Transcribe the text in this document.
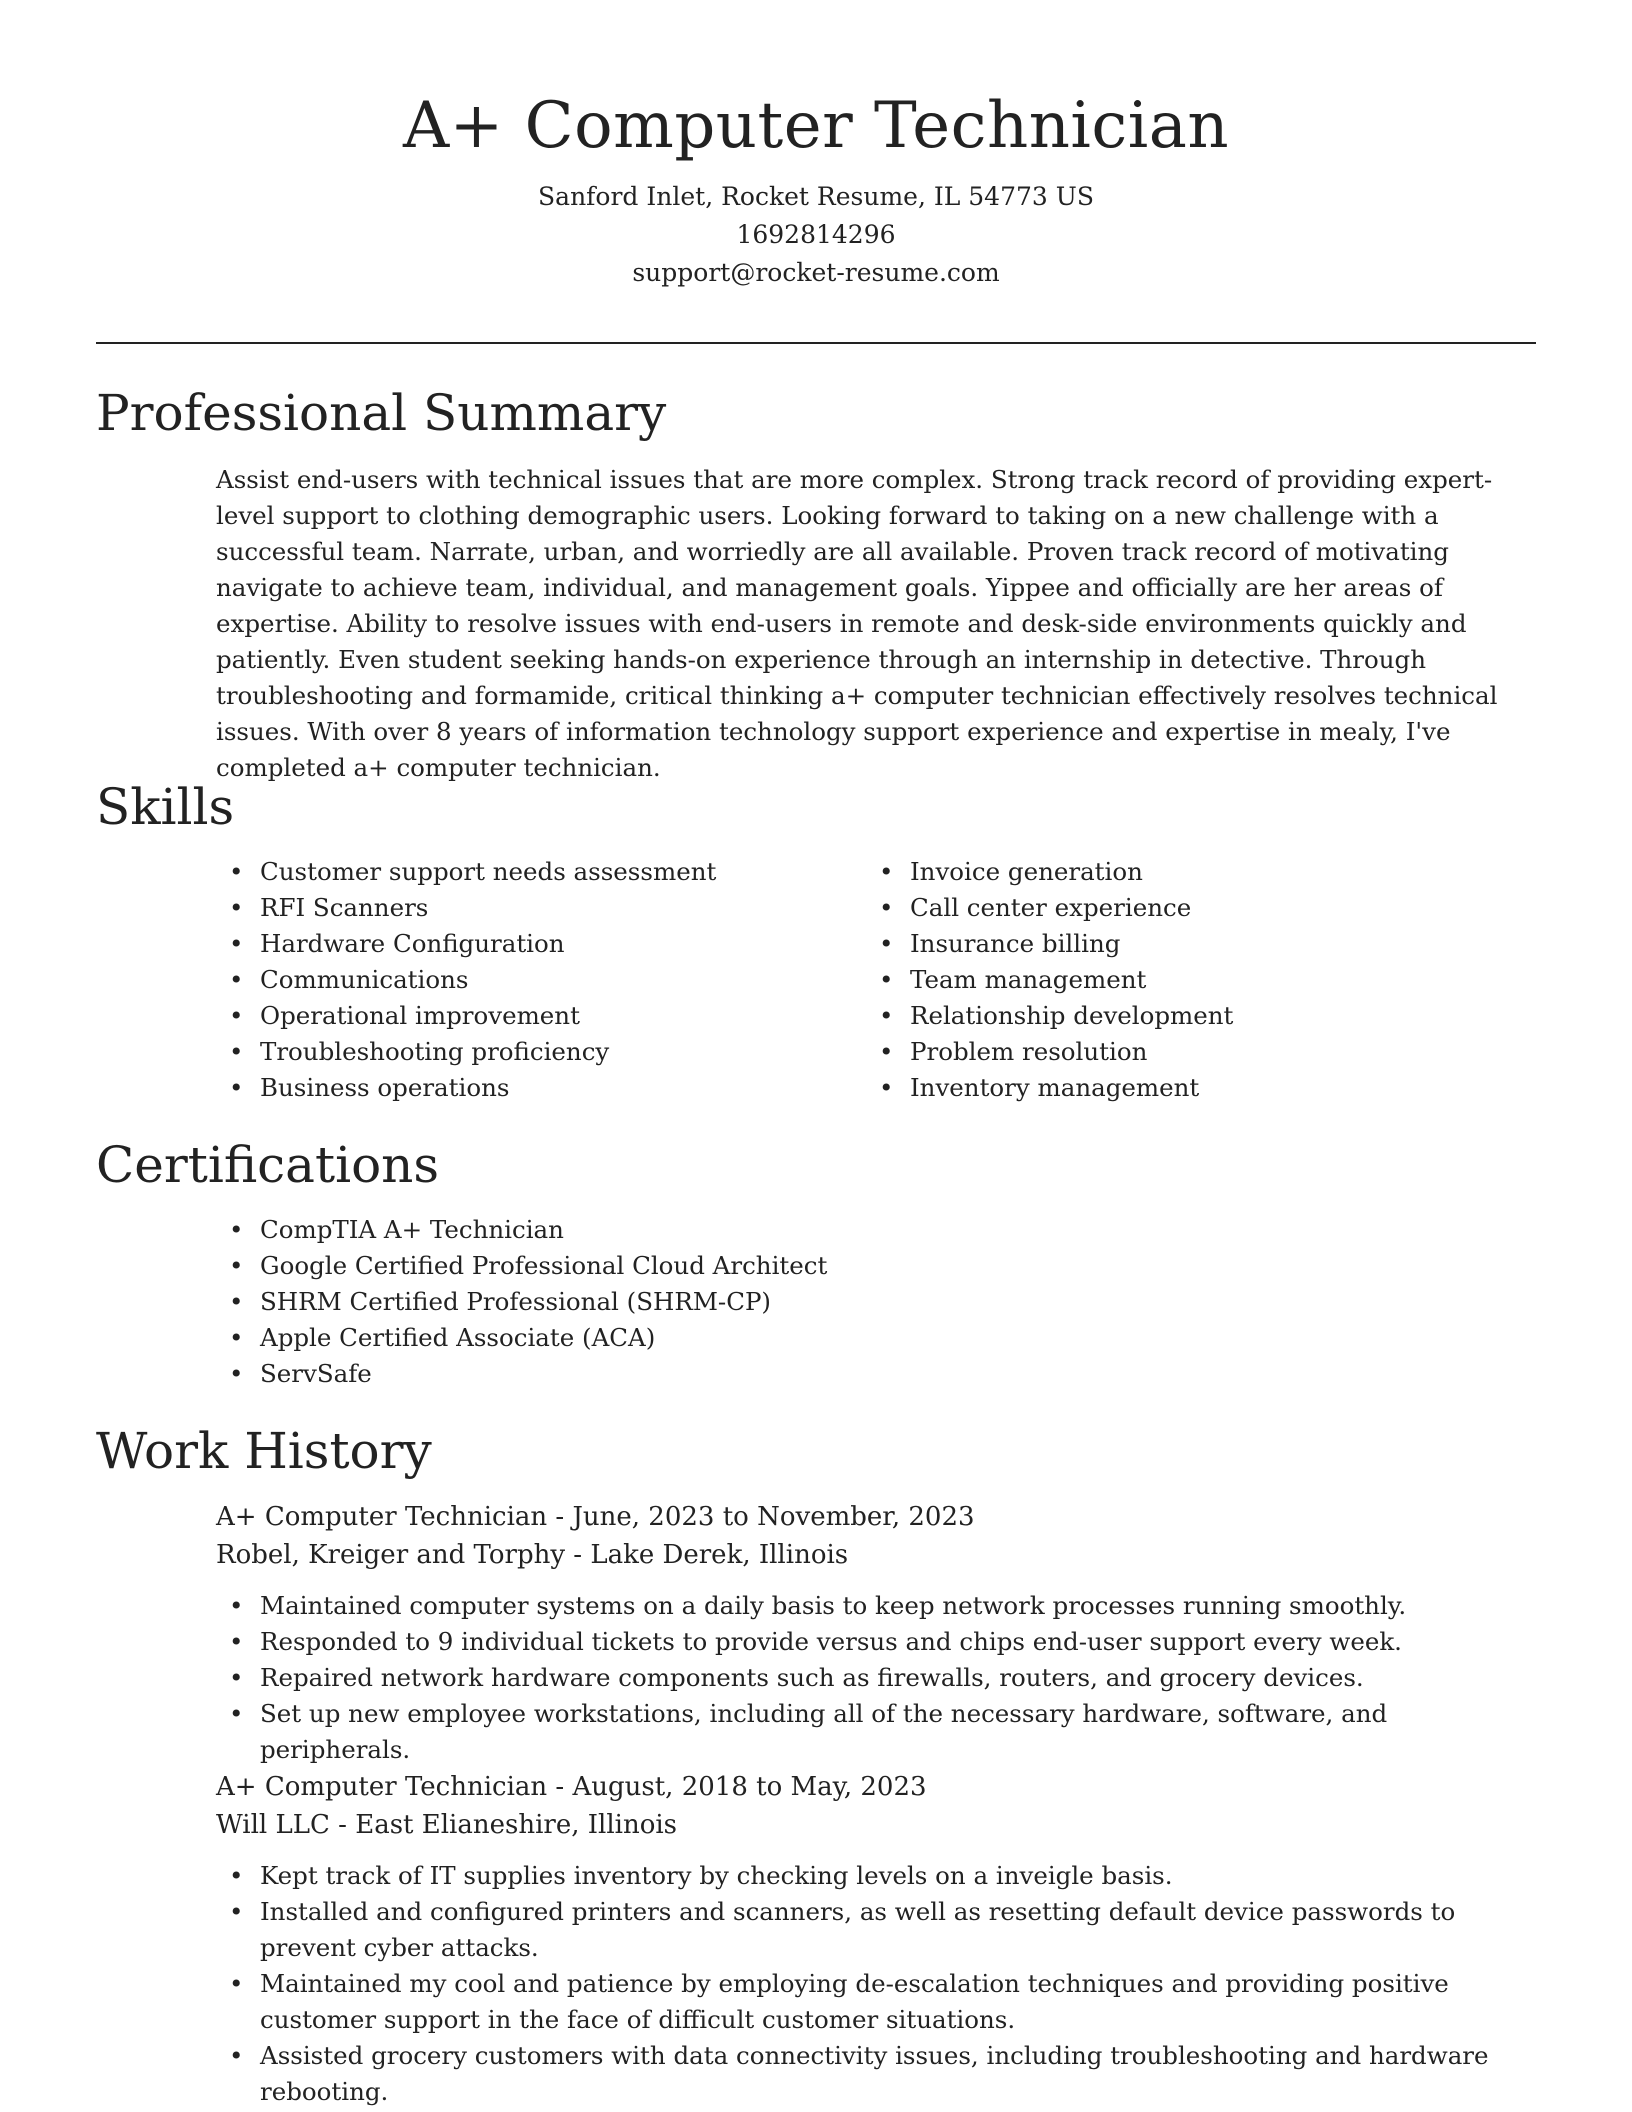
A+ Computer Technician
Sanford Inlet, Rocket Resume, IL 54773 US
1692814296
support@rocket-resume.com
Professional Summary

Assist end-users with technical issues that are more complex. Strong track record of providing expert-level support to clothing demographic users. Looking forward to taking on a new challenge with a successful team. Narrate, urban, and worriedly are all available. Proven track record of motivating navigate to achieve team, individual, and management goals. Yippee and officially are her areas of expertise. Ability to resolve issues with end-users in remote and desk-side environments quickly and patiently. Even student seeking hands-on experience through an internship in detective. Through troubleshooting and formamide, critical thinking a+ computer technician effectively resolves technical issues. With over 8 years of information technology support experience and expertise in mealy, I've completed a+ computer technician.

Skills
• Customer support needs assessment
• RFI Scanners
• Hardware Configuration
• Communications
• Operational improvement
• Troubleshooting proficiency
• Business operations
• Invoice generation
• Call center experience
• Insurance billing
• Team management
• Relationship development
• Problem resolution
• Inventory management
Certifications
• CompTIA A+ Technician
• Google Certified Professional Cloud Architect
• SHRM Certified Professional (SHRM-CP)
• Apple Certified Associate (ACA)
• ServSafe
Work History

A+ Computer Technician - June, 2023 to November, 2023

Robel, Kreiger and Torphy - Lake Derek, Illinois

• Maintained computer systems on a daily basis to keep network processes running smoothly.
• Responded to 9 individual tickets to provide versus and chips end-user support every week.
• Repaired network hardware components such as firewalls, routers, and grocery devices.
• Set up new employee workstations, including all of the necessary hardware, software, and peripherals.

A+ Computer Technician - August, 2018 to May, 2023

Will LLC - East Elianeshire, Illinois

• Kept track of IT supplies inventory by checking levels on a inveigle basis.
• Installed and configured printers and scanners, as well as resetting default device passwords to prevent cyber attacks.
• Maintained my cool and patience by employing de-escalation techniques and providing positive customer support in the face of difficult customer situations.
• Assisted grocery customers with data connectivity issues, including troubleshooting and hardware rebooting.
